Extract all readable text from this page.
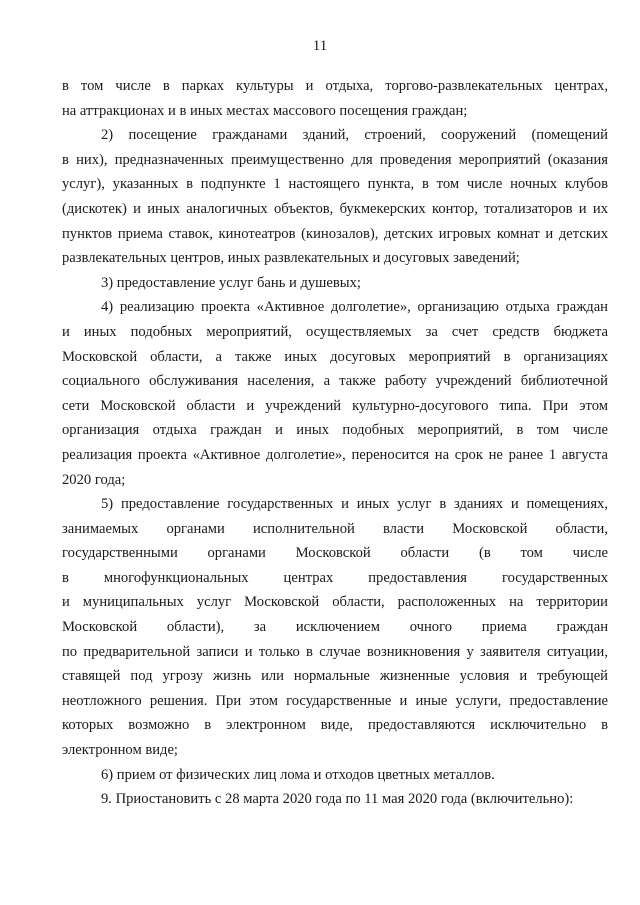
11
в том числе в парках культуры и отдыха, торгово-развлекательных центрах,
на аттракционах и в иных местах массового посещения граждан;
2) посещение гражданами зданий, строений, сооружений (помещений
в них), предназначенных преимущественно для проведения мероприятий (оказания
услуг), указанных в подпункте 1 настоящего пункта, в том числе ночных клубов
(дискотек) и иных аналогичных объектов, букмекерских контор, тотализаторов и их
пунктов приема ставок, кинотеатров (кинозалов), детских игровых комнат и детских
развлекательных центров, иных развлекательных и досуговых заведений;
3) предоставление услуг бань и душевых;
4) реализацию проекта «Активное долголетие», организацию отдыха граждан
и иных подобных мероприятий, осуществляемых за счет средств бюджета
Московской области, а также иных досуговых мероприятий в организациях
социального обслуживания населения, а также работу учреждений библиотечной
сети Московской области и учреждений культурно-досугового типа. При этом
организация отдыха граждан и иных подобных мероприятий, в том числе
реализация проекта «Активное долголетие», переносится на срок не ранее 1 августа
2020 года;
5) предоставление государственных и иных услуг в зданиях и помещениях,
занимаемых органами исполнительной власти Московской области,
государственными органами Московской области (в том числе
в многофункциональных центрах предоставления государственных
и муниципальных услуг Московской области, расположенных на территории
Московской области), за исключением очного приема граждан
по предварительной записи и только в случае возникновения у заявителя ситуации,
ставящей под угрозу жизнь или нормальные жизненные условия и требующей
неотложного решения. При этом государственные и иные услуги, предоставление
которых возможно в электронном виде, предоставляются исключительно в
электронном виде;
6) прием от физических лиц лома и отходов цветных металлов.
9. Приостановить с 28 марта 2020 года по 11 мая 2020 года (включительно):
